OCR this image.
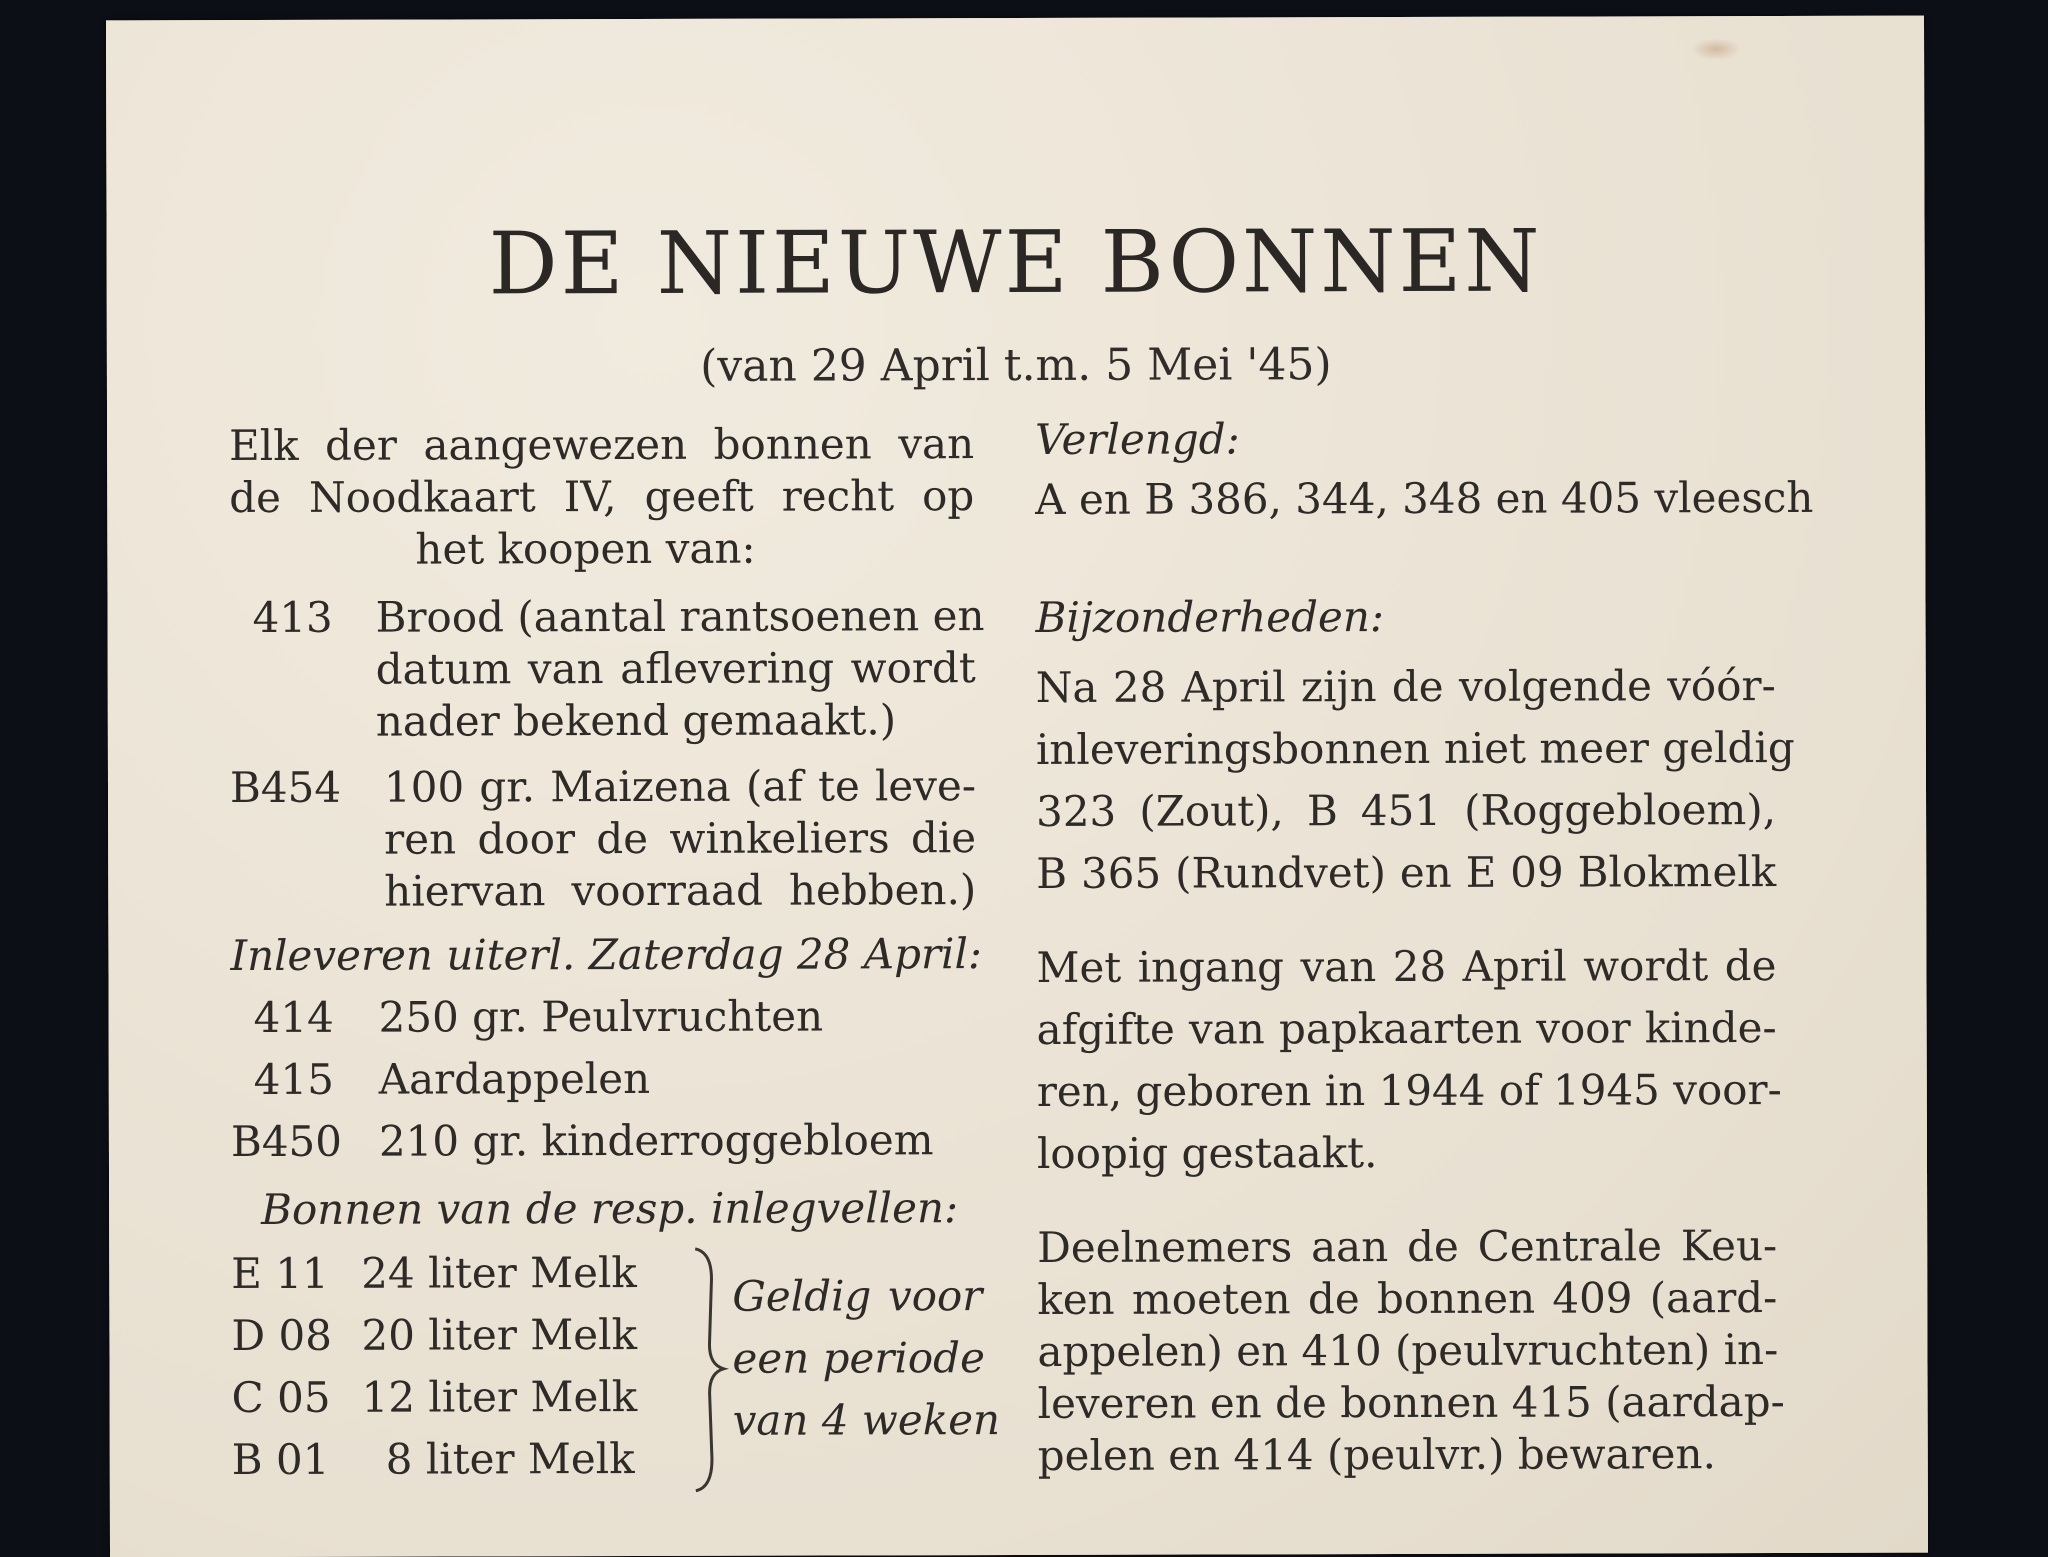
DE NIEUWE BONNEN
(van 29 April t.m. 5 Mei '45)
Elk der aangewezen bonnen van
de Noodkaart IV, geeft recht op
het koopen van:
413 Brood (aantal rantsoenen en
datum van aflevering wordt
nader bekend gemaakt.)
B454 100 gr. Maizena (af te leve-
ren door de winkeliers die
hiervan voorraad hebben.)
Inleveren uiterl. Zaterdag 28 April:
414 250 gr. Peulvruchten
415 Aardappelen
B450 210 gr. kinderroggebloem
Bonnen van de resp. inlegvellen:
E 11 24 liter Melk
D 08 20 liter Melk
C 05 12 liter Melk
B 01 8 liter Melk
Geldig voor
een periode
van 4 weken
Verlengd:
A en B 386, 344, 348 en 405 vleesch
Bijzonderheden:
Na 28 April zijn de volgende vóór-
inleveringsbonnen niet meer geldig
323 (Zout), B 451 (Roggebloem),
B 365 (Rundvet) en E 09 Blokmelk
Met ingang van 28 April wordt de
afgifte van papkaarten voor kinde-
ren, geboren in 1944 of 1945 voor-
loopig gestaakt.
Deelnemers aan de Centrale Keu-
ken moeten de bonnen 409 (aard-
appelen) en 410 (peulvruchten) in-
leveren en de bonnen 415 (aardap-
pelen en 414 (peulvr.) bewaren.
